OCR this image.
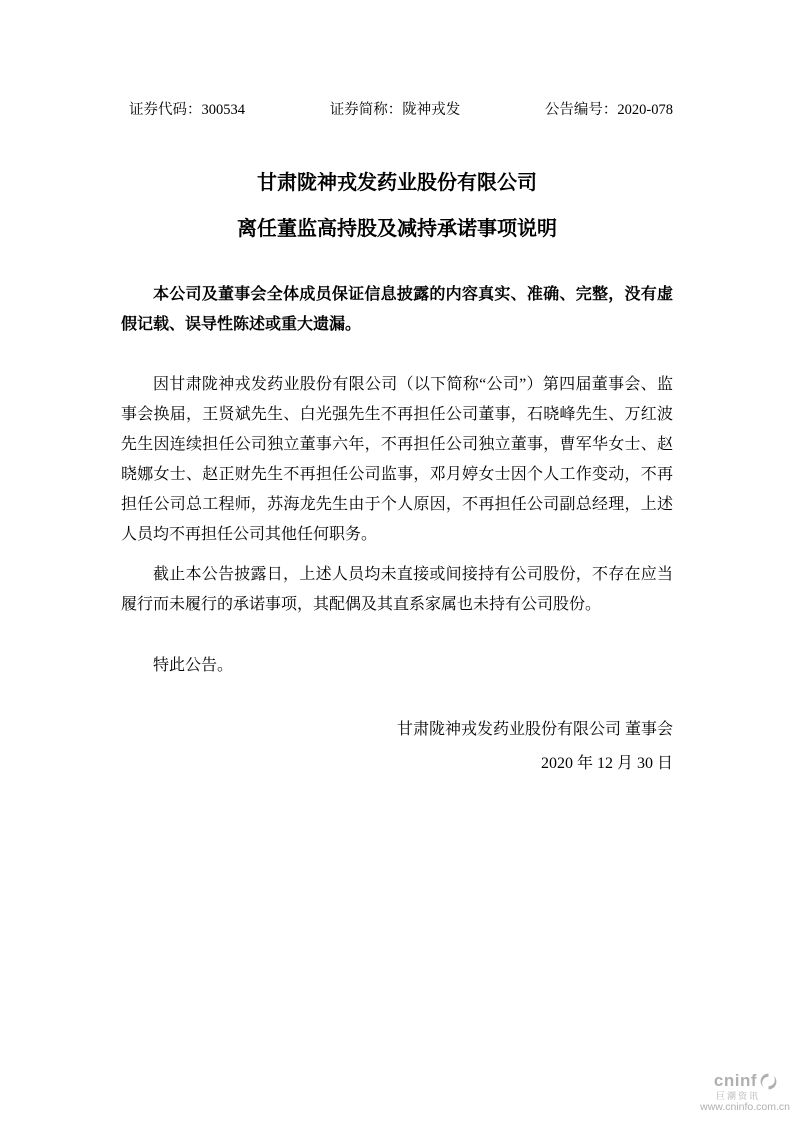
证券代码：300534	证券简称：陇神戎发	公告编号：2020-078
甘肃陇神戎发药业股份有限公司
离任董监高持股及减持承诺事项说明

本公司及董事会全体成员保证信息披露的内容真实、准确、完整，没有虚假记载、误导性陈述或重大遗漏。

因甘肃陇神戎发药业股份有限公司（以下简称“公司”）第四届董事会、监事会换届，王贤斌先生、白光强先生不再担任公司董事，石晓峰先生、万红波先生因连续担任公司独立董事六年，不再担任公司独立董事，曹军华女士、赵晓娜女士、赵正财先生不再担任公司监事，邓月婷女士因个人工作变动，不再担任公司总工程师，苏海龙先生由于个人原因，不再担任公司副总经理，上述人员均不再担任公司其他任何职务。

截止本公告披露日，上述人员均未直接或间接持有公司股份，不存在应当履行而未履行的承诺事项，其配偶及其直系家属也未持有公司股份。

特此公告。

甘肃陇神戎发药业股份有限公司 董事会

2020 年 12 月 30 日

cninf
巨潮资讯
www.cninfo.com.cn
